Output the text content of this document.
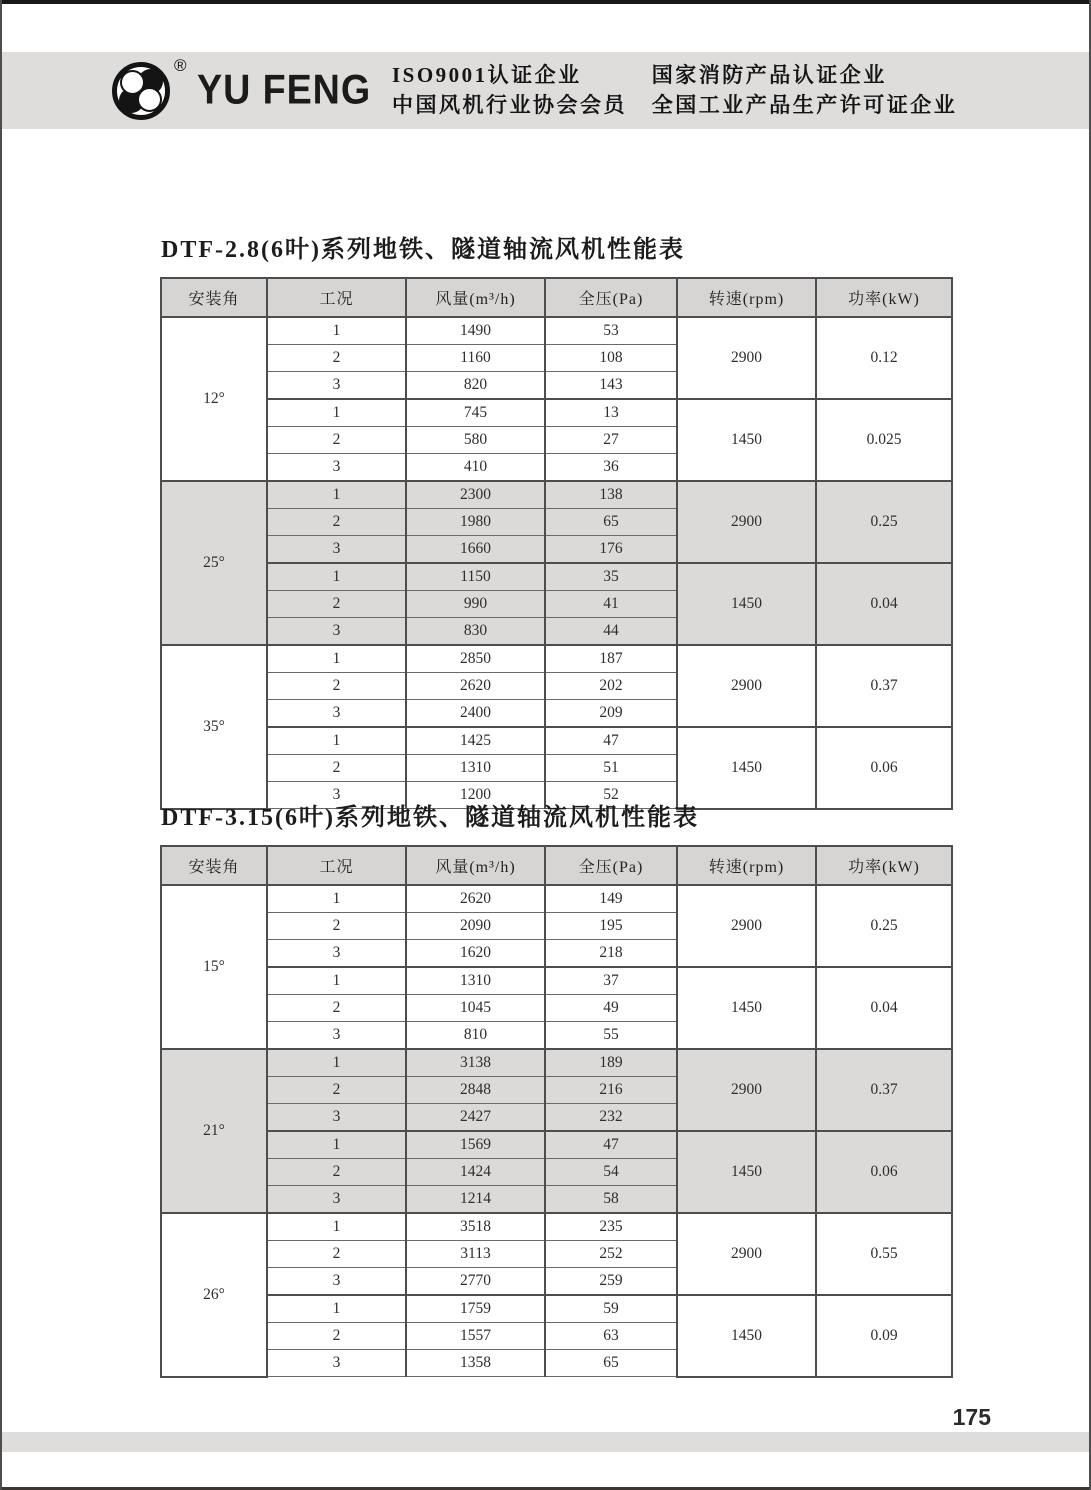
®
YU FENG ISO9001认证企业	国家消防产品认证企业
中国风机行业协会会员 全国工业产品生产许可证企业
DTF-2.8(6叶)系列地铁、隧道轴流风机性能表
安装角	工况	风量(m³/h)	全压(Pa)	转速(rpm)	功率(kW)
12°	1	1490	53	2900	0.12
	2	1160	108		
	3	820	143		
	1	745	13	1450	0.025
	2	580	27		
	3	410	36		
25°	1	2300	138	2900	0.25
	2	1980	65		
	3	1660	176		
	1	1150	35	1450	0.04
	2	990	41		
	3	830	44		
35°	1	2850	187	2900	0.37
	2	2620	202		
	3	2400	209		
	1	1425	47	1450	0.06
	2	1310	51		
	3	1200	52		
DTF-3.15(6叶)系列地铁、隧道轴流风机性能表
安装角	工况	风量(m³/h)	全压(Pa)	转速(rpm)	功率(kW)
15°	1	2620	149	2900	0.25
	2	2090	195		
	3	1620	218		
	1	1310	37	1450	0.04
	2	1045	49		
	3	810	55		
21°	1	3138	189	2900	0.37
	2	2848	216		
	3	2427	232		
	1	1569	47	1450	0.06
	2	1424	54		
	3	1214	58		
26°	1	3518	235	2900	0.55
	2	3113	252		
	3	2770	259		
	1	1759	59	1450	0.09
	2	1557	63		
	3	1358	65		
175
